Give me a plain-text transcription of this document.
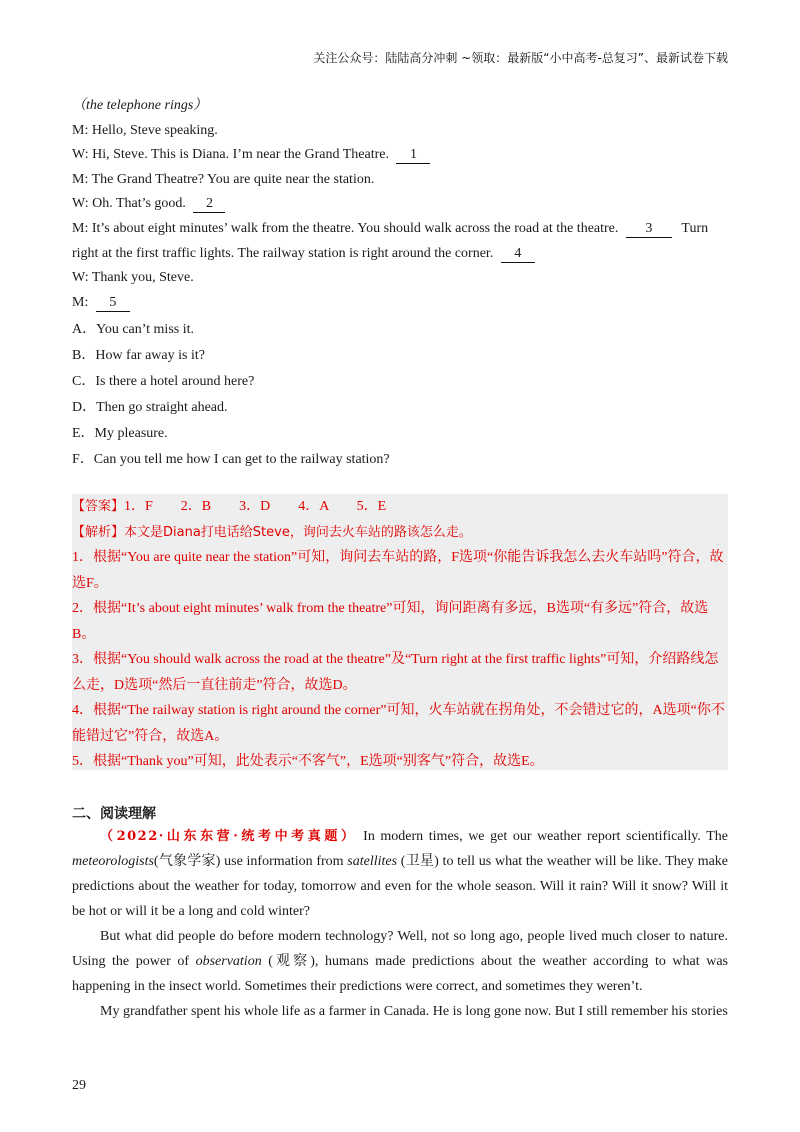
关注公众号：陆陆高分冲刺 ~领取：最新版“小中高考-总复习”、最新试卷下载
（the telephone rings）
M: Hello, Steve speaking.
W: Hi, Steve. This is Diana. I’m near the Grand Theatre. 1
M: The Grand Theatre? You are quite near the station.
W: Oh. That’s good. 2
M: It’s about eight minutes’ walk from the theatre. You should walk across the road at the theatre. 3 Turn
right at the first traffic lights. The railway station is right around the corner. 4
W: Thank you, Steve.
M: 5
A．You can’t miss it.
B．How far away is it?
C．Is there a hotel around here?
D．Then go straight ahead.
E．My pleasure.
F．Can you tell me how I can get to the railway station?

【答案】1．F　　2．B　　3．D　　4．A　　5．E

【解析】本文是Diana打电话给Steve，询问去火车站的路该怎么走。

1．根据“You are quite near the station”可知，询问去车站的路，F选项“你能告诉我怎么去火车站吗”符合，故选F。

2．根据“It’s about eight minutes’ walk from the theatre”可知，询问距离有多远，B选项“有多远”符合，故选B。

3．根据“You should walk across the road at the theatre”及“Turn right at the first traffic lights”可知，介绍路线怎么走，D选项“然后一直往前走”符合，故选D。

4．根据“The railway station is right around the corner”可知，火车站就在拐角处，不会错过它的，A选项“你不能错过它”符合，故选A。

5．根据“Thank you”可知，此处表示“不客气”，E选项“别客气”符合，故选E。

二、阅读理解

（2022·山东东营·统考中考真题） In modern times, we get our weather report scientifically. The meteorologists(气象学家) use information from satellites (卫星) to tell us what the weather will be like. They make predictions about the weather for today, tomorrow and even for the whole season. Will it rain? Will it snow? Will it be hot or will it be a long and cold winter?

But what did people do before modern technology? Well, not so long ago, people lived much closer to nature. Using the power of observation (观察), humans made predictions about the weather according to what was happening in the insect world. Sometimes their predictions were correct, and sometimes they weren’t.

My grandfather spent his whole life as a farmer in Canada. He is long gone now. But I still remember his stories

29
